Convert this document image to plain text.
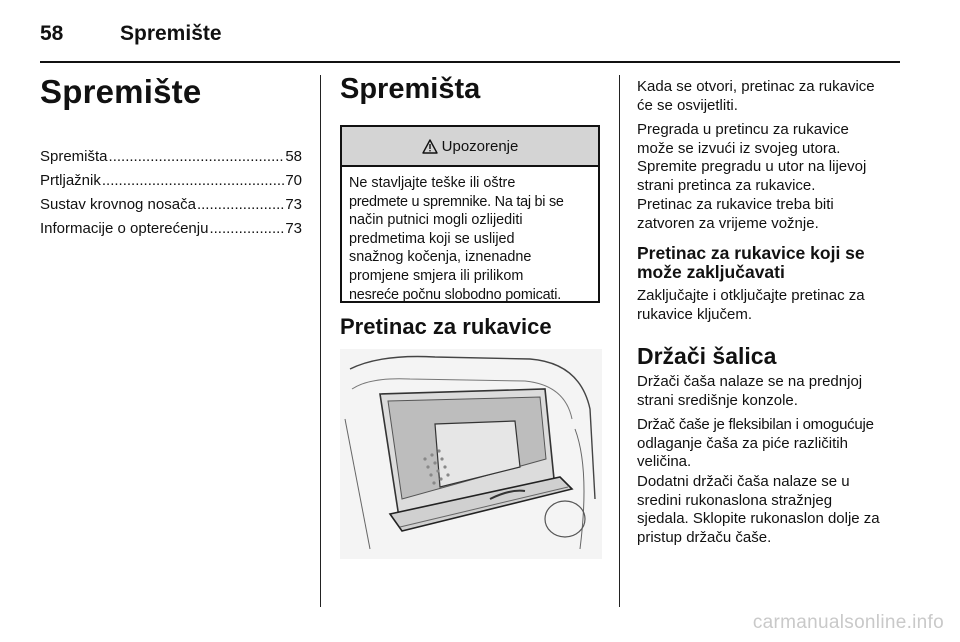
58	Spremište
Spremište
Spremišta .....	58
Prtljažnik .....	70
Sustav krovnog nosača .....	73
Informacije o opterećenju .....	73
Spremišta
Upozorenje
Ne stavljajte teške ili oštre
predmete u spremnike. Na taj bi se
način putnici mogli ozlijediti
predmetima koji se uslijed
snažnog kočenja, iznenadne
promjene smjera ili prilikom
nesreće počnu slobodno pomicati.
Pretinac za rukavice
Kada se otvori, pretinac za rukavice
će se osvijetliti.
Pregrada u pretincu za rukavice
može se izvući iz svojeg utora.
Spremite pregradu u utor na lijevoj
strani pretinca za rukavice.
Pretinac za rukavice treba biti
zatvoren za vrijeme vožnje.
Pretinac za rukavice koji se
može zaključavati
Zaključajte i otključajte pretinac za
rukavice ključem.
Držači šalica
Držači čaša nalaze se na prednjoj
strani središnje konzole.
Držač čaše je fleksibilan i omogućuje
odlaganje čaša za piće različitih
veličina.
Dodatni držači čaša nalaze se u
sredini rukonaslona stražnjeg
sjedala. Sklopite rukonaslon dolje za
pristup držaču čaše.
carmanualsonline.info
